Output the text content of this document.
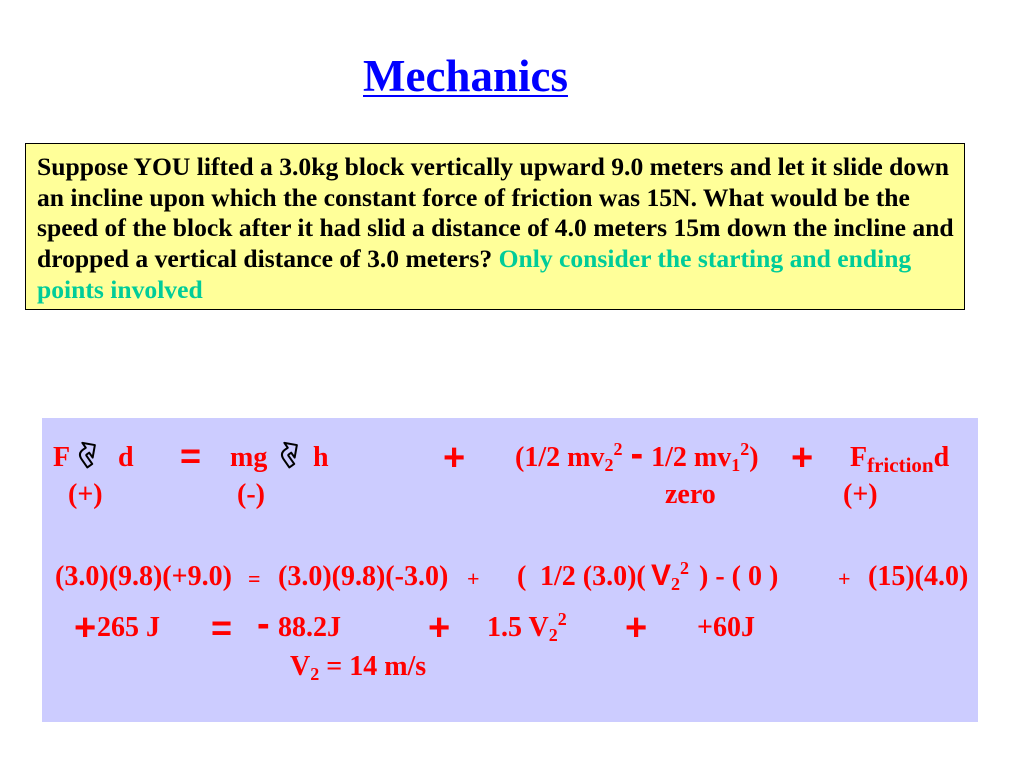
Mechanics
Suppose YOU lifted a 3.0kg block vertically upward 9.0 meters and let it slide down an incline upon which the constant force of friction was 15N. What would be the speed of the block after it had slid a distance of 4.0 meters 15m down the incline and dropped a vertical distance of 3.0 meters? Only consider the starting and ending points involved
F d = mg h	+ (1/2 $mv2^2 - 1/2$ $mv1^2) + F_{friction}d$
(+)	(-)	zero	(+)
(3.0)(9.8)(+9.0) = (3.0)(9.8)(-3.0) + ( 1/2 (3.0)( $V2^2$ ) - ( 0 )	+ (15)(4.0)
+ 265 J = - 88.2J + 1.5 $V2^2 + +60J$
V2 = 14 m/s
